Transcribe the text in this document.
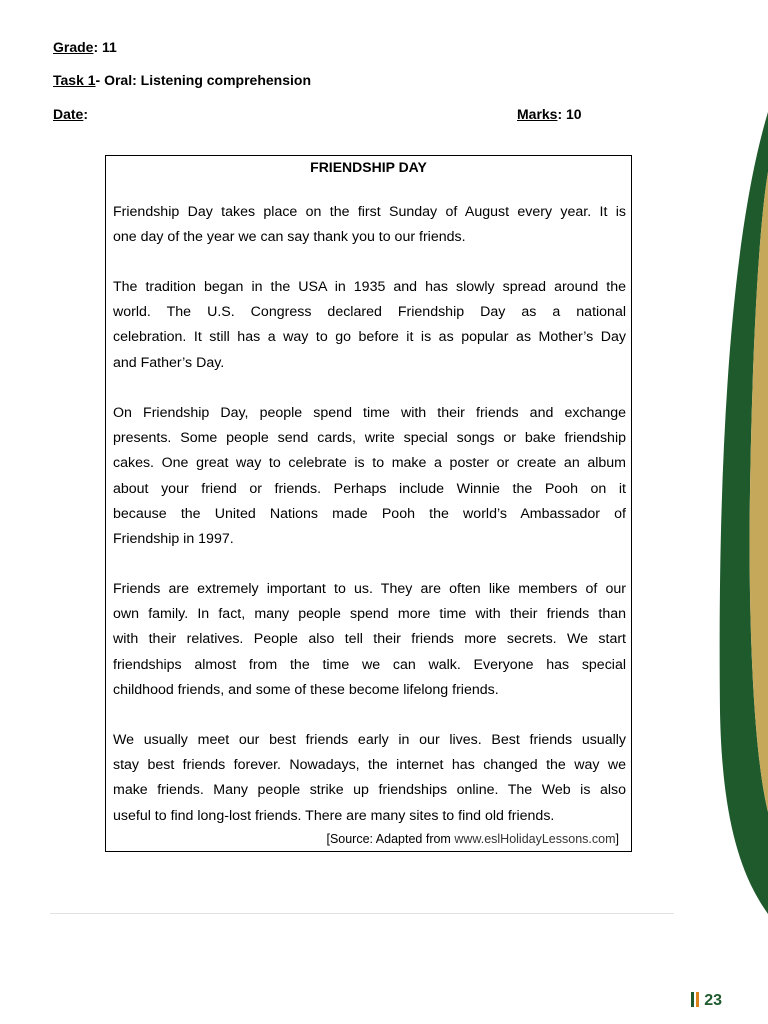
Grade: 11
Task 1- Oral: Listening comprehension
Date:	Marks: 10
FRIENDSHIP DAY
Friendship Day takes place on the first Sunday of August every year. It is
one day of the year we can say thank you to our friends.
The tradition began in the USA in 1935 and has slowly spread around the
world. The U.S. Congress declared Friendship Day as a national
celebration. It still has a way to go before it is as popular as Mother’s Day
and Father’s Day.
On Friendship Day, people spend time with their friends and exchange
presents. Some people send cards, write special songs or bake friendship
cakes. One great way to celebrate is to make a poster or create an album
about your friend or friends. Perhaps include Winnie the Pooh on it
because the United Nations made Pooh the world’s Ambassador of
Friendship in 1997.
Friends are extremely important to us. They are often like members of our
own family. In fact, many people spend more time with their friends than
with their relatives. People also tell their friends more secrets. We start
friendships almost from the time we can walk. Everyone has special
childhood friends, and some of these become lifelong friends.
We usually meet our best friends early in our lives. Best friends usually
stay best friends forever. Nowadays, the internet has changed the way we
make friends. Many people strike up friendships online. The Web is also
useful to find long-lost friends. There are many sites to find old friends.
[Source: Adapted from www.eslHolidayLessons.com]
23
